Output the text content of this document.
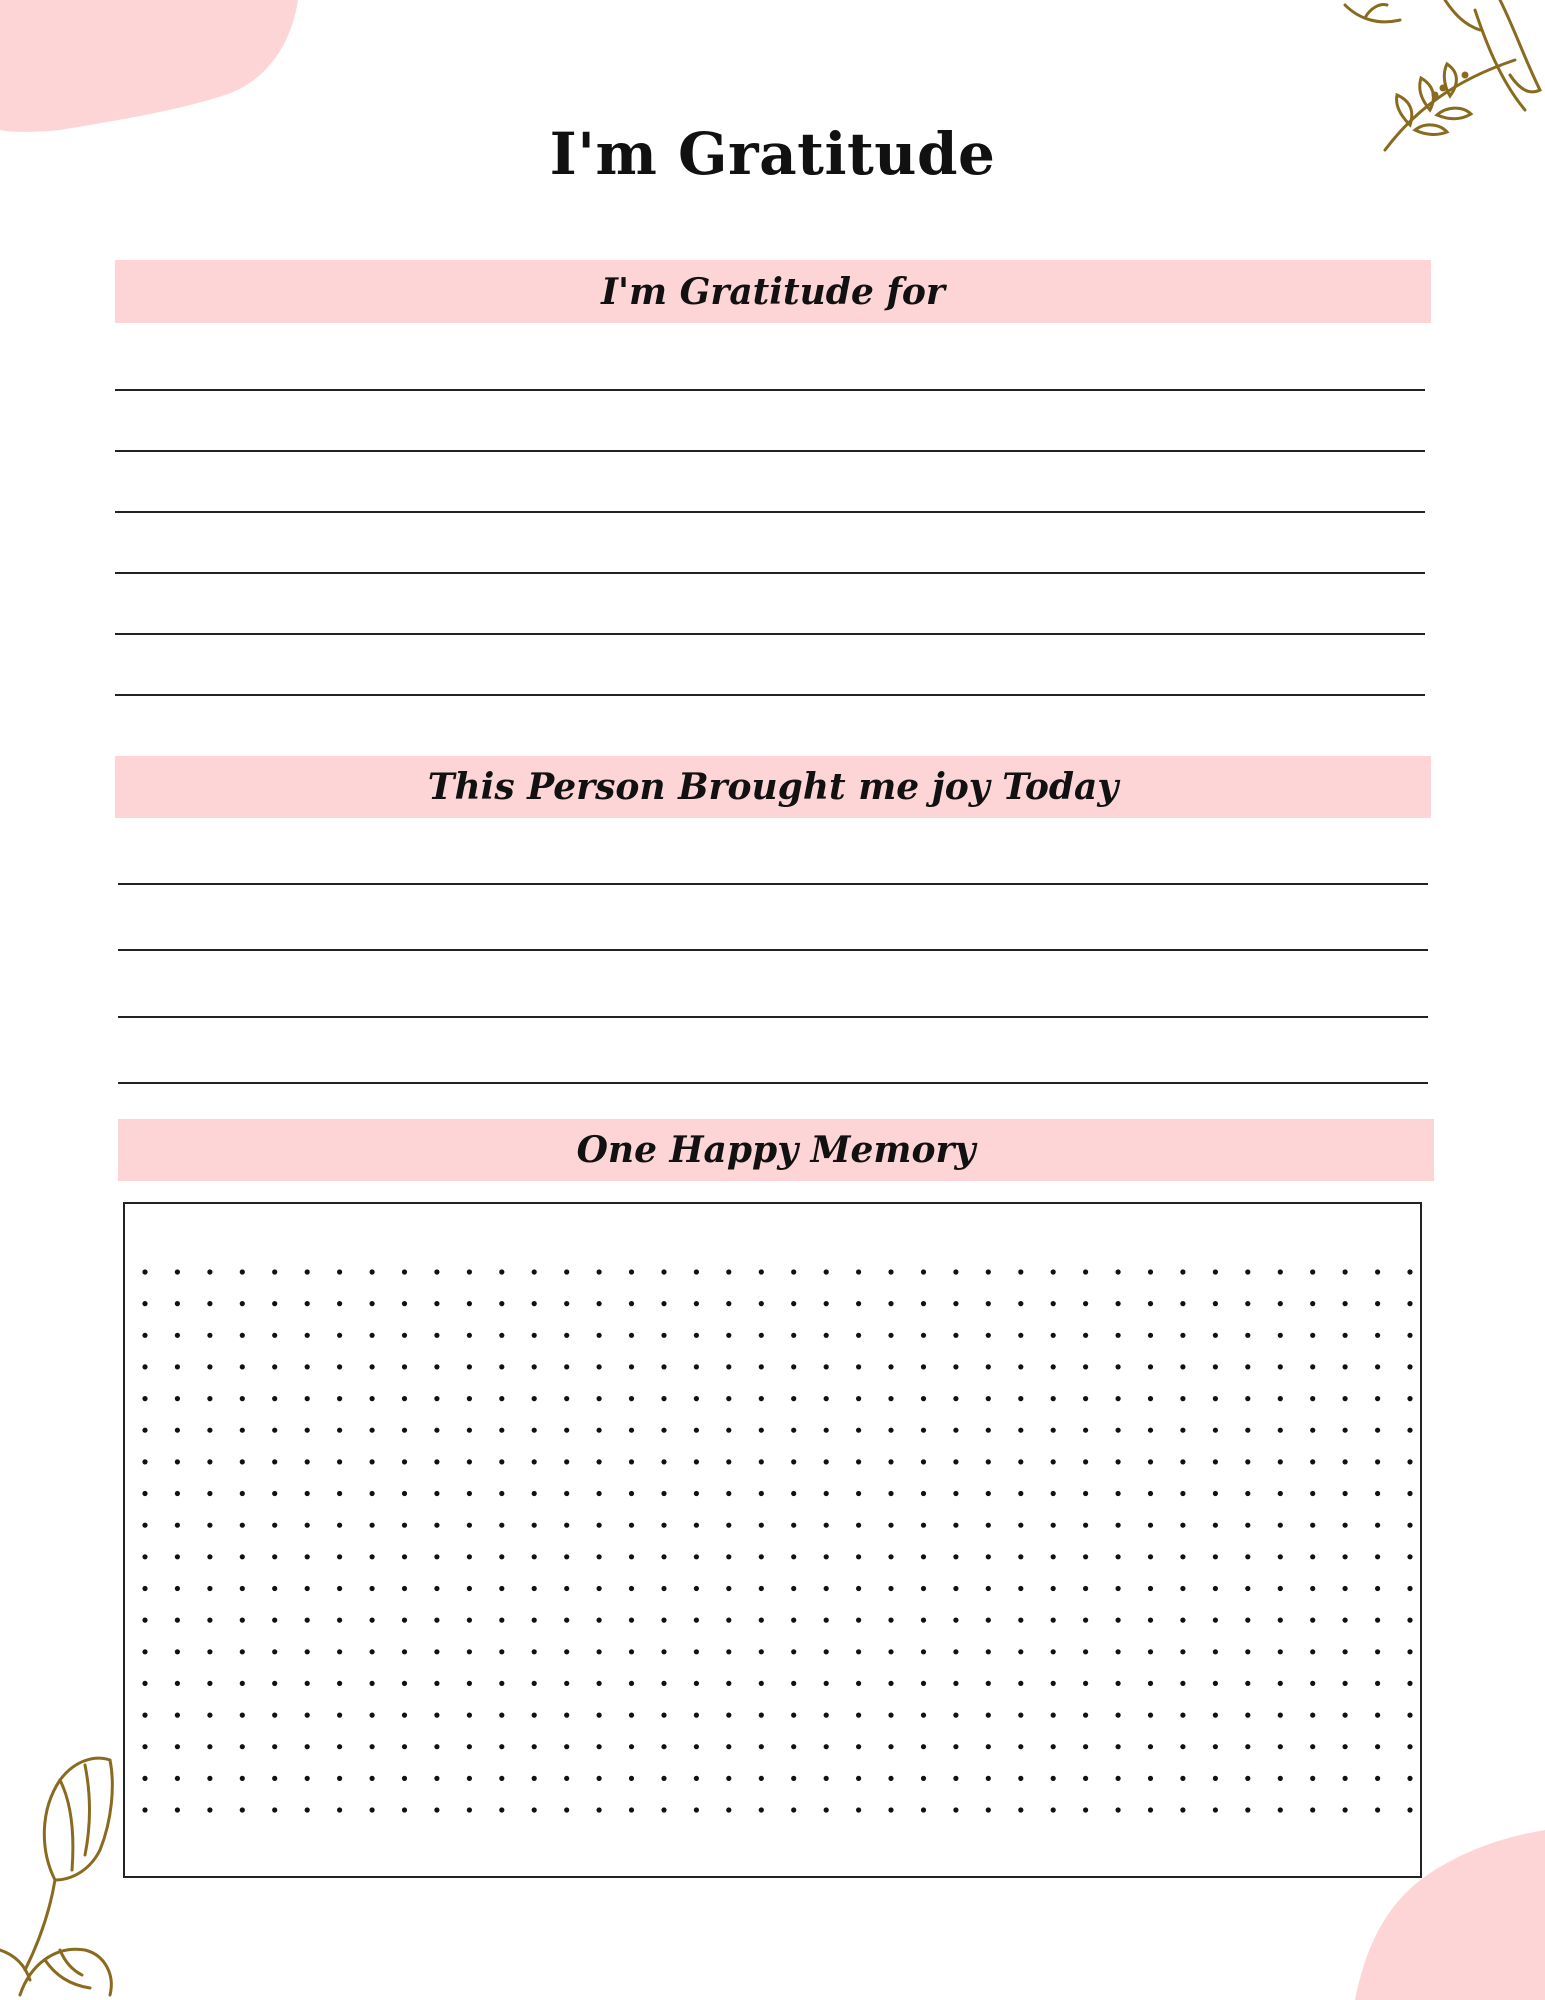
I'm Gratitude
I'm Gratitude for
This Person Brought me joy Today
One Happy Memory
